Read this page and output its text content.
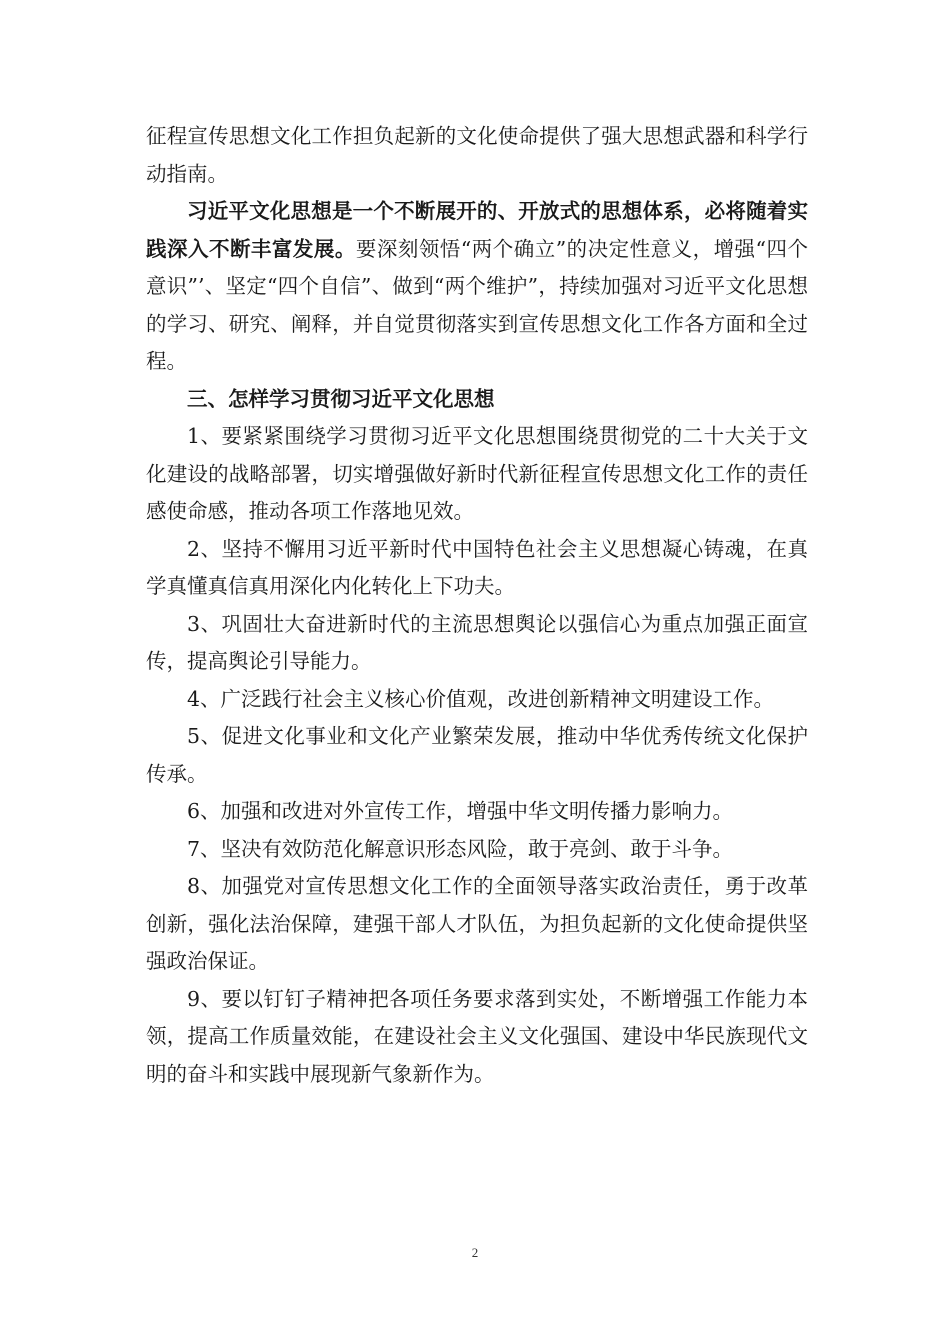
征程宣传思想文化工作担负起新的文化使命提供了强大思想武器和科学行动指南。

习近平文化思想是一个不断展开的、开放式的思想体系，必将随着实践深入不断丰富发展。要深刻领悟“两个确立”的决定性意义，增强“四个意识”’、坚定“四个自信”、做到“两个维护”，持续加强对习近平文化思想的学习、研究、阐释，并自觉贯彻落实到宣传思想文化工作各方面和全过程。

三、怎样学习贯彻习近平文化思想

1、要紧紧围绕学习贯彻习近平文化思想围绕贯彻党的二十大关于文化建设的战略部署，切实增强做好新时代新征程宣传思想文化工作的责任感使命感，推动各项工作落地见效。

2、坚持不懈用习近平新时代中国特色社会主义思想凝心铸魂，在真学真懂真信真用深化内化转化上下功夫。

3、巩固壮大奋进新时代的主流思想舆论以强信心为重点加强正面宣传，提高舆论引导能力。

4、广泛践行社会主义核心价值观，改进创新精神文明建设工作。

5、促进文化事业和文化产业繁荣发展，推动中华优秀传统文化保护传承。

6、加强和改进对外宣传工作，增强中华文明传播力影响力。

7、坚决有效防范化解意识形态风险，敢于亮剑、敢于斗争。

8、加强党对宣传思想文化工作的全面领导落实政治责任，勇于改革创新，强化法治保障，建强干部人才队伍，为担负起新的文化使命提供坚强政治保证。

9、要以钉钉子精神把各项任务要求落到实处，不断增强工作能力本领，提高工作质量效能，在建设社会主义文化强国、建设中华民族现代文明的奋斗和实践中展现新气象新作为。

2
